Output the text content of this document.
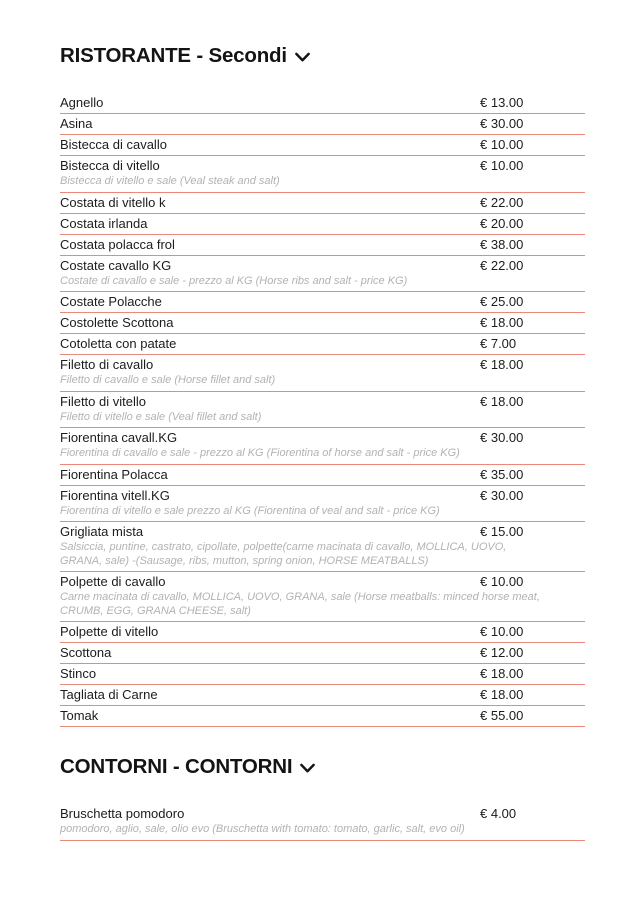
RISTORANTE - Secondi
Agnello	€ 13.00
Asina	€ 30.00
Bistecca di cavallo	€ 10.00
Bistecca di vitello	€ 10.00
Bistecca di vitello e sale (Veal steak and salt)
Costata di vitello k	€ 22.00
Costata irlanda	€ 20.00
Costata polacca frol	€ 38.00
Costate cavallo KG	€ 22.00
Costate di cavallo e sale - prezzo al KG (Horse ribs and salt - price KG)
Costate Polacche	€ 25.00
Costolette Scottona	€ 18.00
Cotoletta con patate	€ 7.00
Filetto di cavallo	€ 18.00
Filetto di cavallo e sale (Horse fillet and salt)
Filetto di vitello	€ 18.00
Filetto di vitello e sale (Veal fillet and salt)
Fiorentina cavall.KG	€ 30.00
Fiorentina di cavallo e sale - prezzo al KG (Fiorentina of horse and salt - price KG)
Fiorentina Polacca	€ 35.00
Fiorentina vitell.KG	€ 30.00
Fiorentina di vitello e sale prezzo al KG (Fiorentina of veal and salt - price KG)
Grigliata mista	€ 15.00
Salsiccia, puntine, castrato, cipollate, polpette(carne macinata di cavallo, MOLLICA, UOVO, GRANA, sale) -(Sausage, ribs, mutton, spring onion, HORSE MEATBALLS)
Polpette di cavallo	€ 10.00
Carne macinata di cavallo, MOLLICA, UOVO, GRANA, sale (Horse meatballs: minced horse meat, CRUMB, EGG, GRANA CHEESE, salt)
Polpette di vitello	€ 10.00
Scottona	€ 12.00
Stinco	€ 18.00
Tagliata di Carne	€ 18.00
Tomak	€ 55.00
CONTORNI - CONTORNI
Bruschetta pomodoro	€ 4.00
pomodoro, aglio, sale, olio evo (Bruschetta with tomato: tomato, garlic, salt, evo oil)
